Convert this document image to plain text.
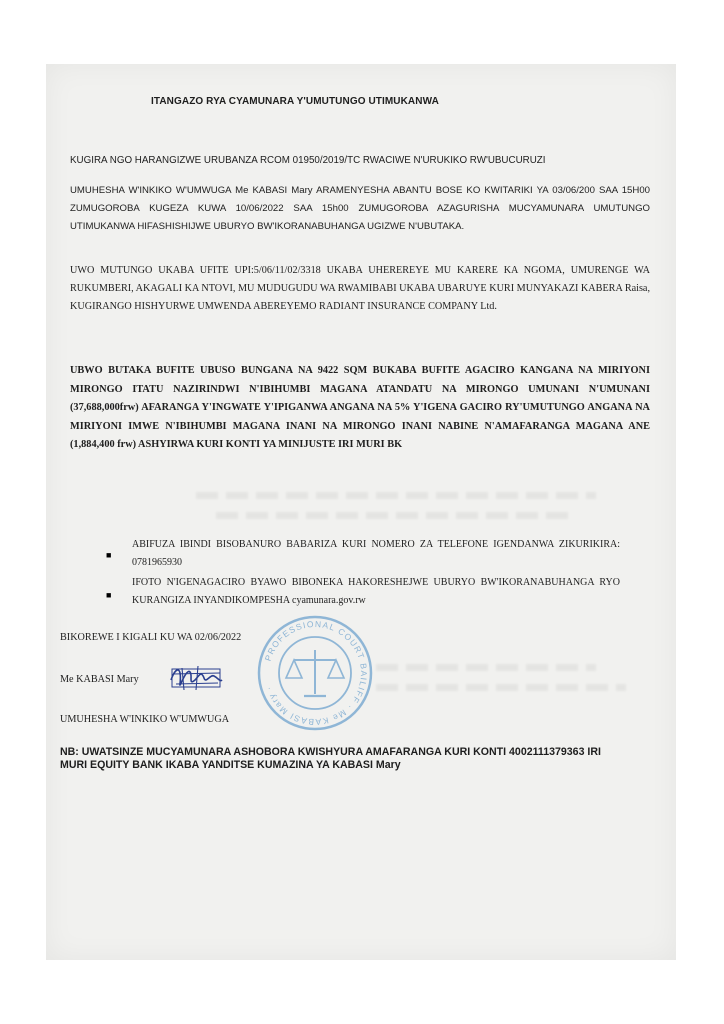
ITANGAZO RYA CYAMUNARA Y'UMUTUNGO UTIMUKANWA
KUGIRA NGO HARANGIZWE URUBANZA RCOM 01950/2019/TC RWACIWE N'URUKIKO RW'UBUCURUZI
UMUHESHA W'INKIKO W'UMWUGA Me KABASI Mary ARAMENYESHA ABANTU BOSE KO KWITARIKI YA 03/06/200 SAA 15H00 ZUMUGOROBA KUGEZA KUWA 10/06/2022 SAA 15h00 ZUMUGOROBA AZAGURISHA MUCYAMUNARA UMUTUNGO UTIMUKANWA HIFASHISHIJWE UBURYO BW'IKORANABUHANGA UGIZWE N'UBUTAKA.
UWO MUTUNGO UKABA UFITE UPI:5/06/11/02/3318 UKABA UHEREREYE MU KARERE KA NGOMA, UMURENGE WA RUKUMBERI, AKAGALI KA NTOVI, MU MUDUGUDU WA RWAMIBABI UKABA UBARUYE KURI MUNYAKAZI KABERA Raisa, KUGIRANGO HISHYURWE UMWENDA ABEREYEMO RADIANT INSURANCE COMPANY Ltd.
UBWO BUTAKA BUFITE UBUSO BUNGANA NA 9422 SQM BUKABA BUFITE AGACIRO KANGANA NA MIRIYONI MIRONGO ITATU NAZIRINDWI N'IBIHUMBI MAGANA ATANDATU NA MIRONGO UMUNANI N'UMUNANI (37,688,000frw) AFARANGA Y'INGWATE Y'IPIGANWA ANGANA NA 5% Y'IGENA GACIRO RY'UMUTUNGO ANGANA NA MIRIYONI IMWE N'IBIHUMBI MAGANA INANI NA MIRONGO INANI NABINE N'AMAFARANGA MAGANA ANE (1,884,400 frw) ASHYIRWA KURI KONTI YA MINIJUSTE IRI MURI BK
■
ABIFUZA IBINDI BISOBANURO BABARIZA KURI NOMERO ZA TELEFONE IGENDANWA ZIKURIKIRA: 0781965930
■
IFOTO N'IGENAGACIRO BYAWO BIBONEKA HAKORESHEJWE UBURYO BW'IKORANABUHANGA RYO KURANGIZA INYANDIKOMPESHA cyamunara.gov.rw
BIKOREWE I KIGALI KU WA 02/06/2022
Me KABASI Mary
PROFESSIONAL COURT BAILIFF · Me KABASI Mary ·
UMUHESHA W'INKIKO W'UMWUGA
NB: UWATSINZE MUCYAMUNARA ASHOBORA KWISHYURA AMAFARANGA KURI KONTI 4002111379363 IRI MURI EQUITY BANK IKABA YANDITSE KUMAZINA YA KABASI Mary
